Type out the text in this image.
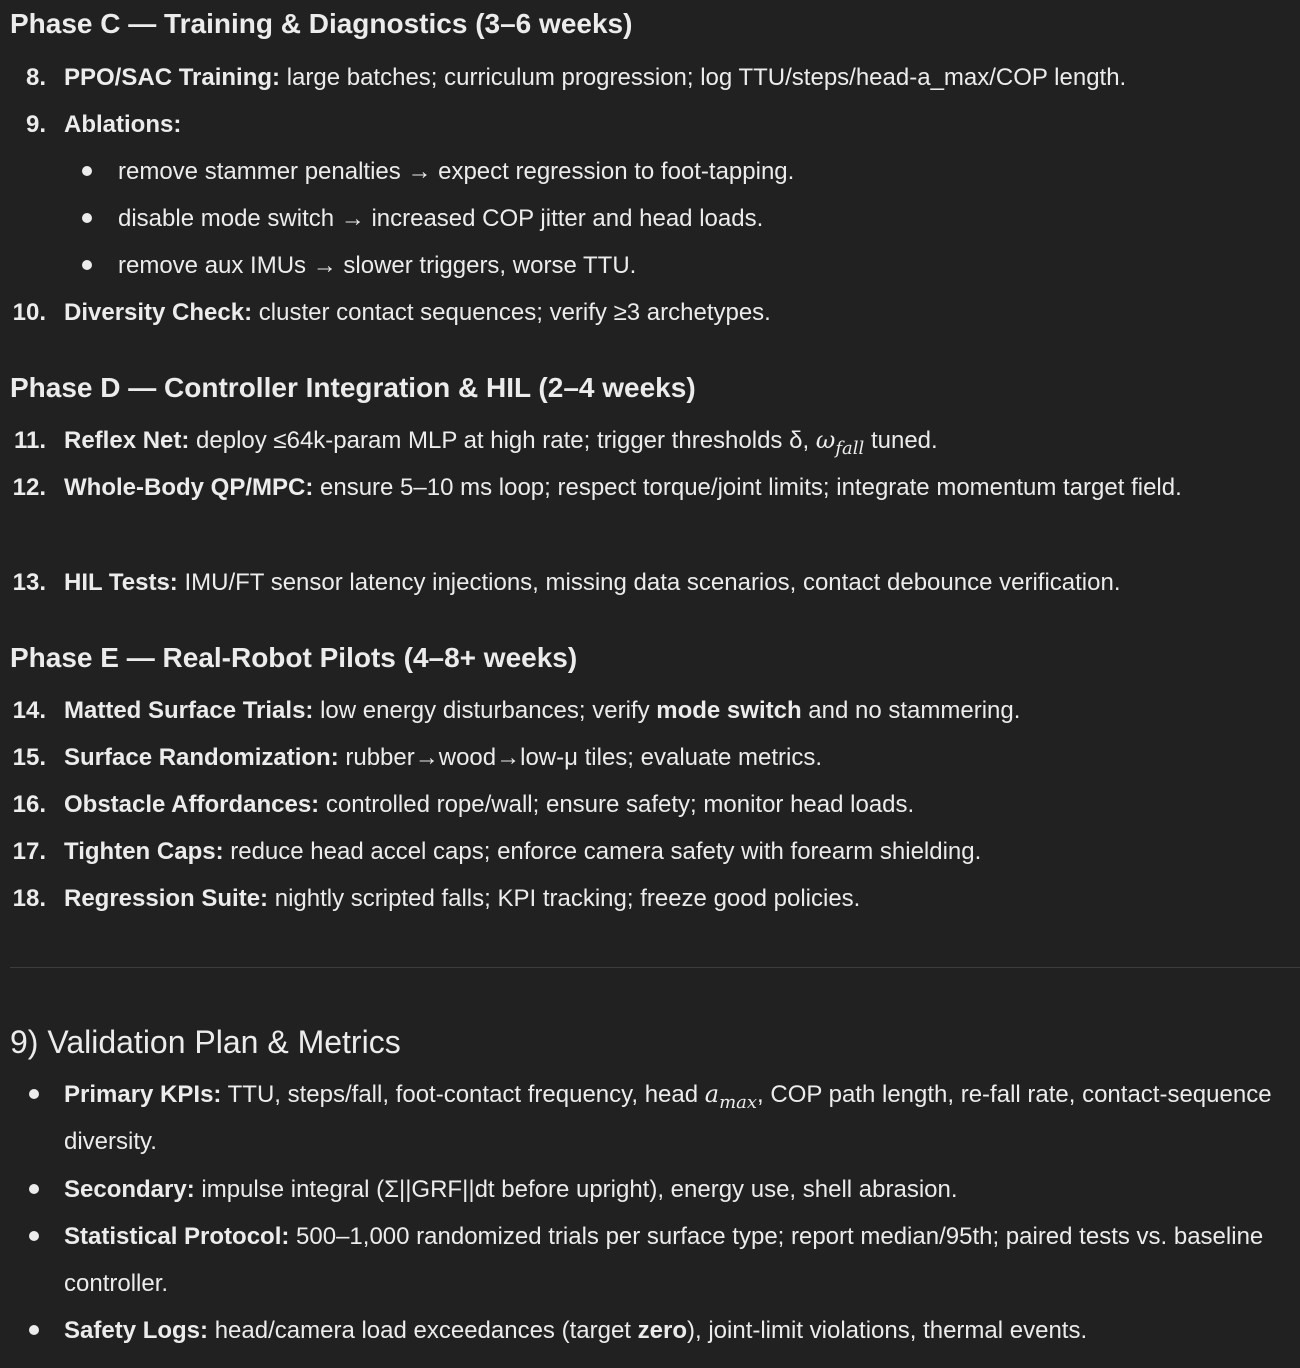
Phase C — Training & Diagnostics (3–6 weeks)
8. PPO/SAC Training: large batches; curriculum progression; log TTU/steps/head-a_max/COP length.
9. Ablations:
remove stammer penalties → expect regression to foot-tapping.
disable mode switch → increased COP jitter and head loads.
remove aux IMUs → slower triggers, worse TTU.
10. Diversity Check: cluster contact sequences; verify ≥3 archetypes.
Phase D — Controller Integration & HIL (2–4 weeks)
11. Reflex Net: deploy ≤64k-param MLP at high rate; trigger thresholds δ, $\omega_{fall}$ tuned.
12. Whole-Body QP/MPC: ensure 5–10 ms loop; respect torque/joint limits; integrate momentum target field.
13. HIL Tests: IMU/FT sensor latency injections, missing data scenarios, contact debounce verification.
Phase E — Real-Robot Pilots (4–8+ weeks)
14. Matted Surface Trials: low energy disturbances; verify mode switch and no stammering.
15. Surface Randomization: rubber→wood→low-μ tiles; evaluate metrics.
16. Obstacle Affordances: controlled rope/wall; ensure safety; monitor head loads.
17. Tighten Caps: reduce head accel caps; enforce camera safety with forearm shielding.
18. Regression Suite: nightly scripted falls; KPI tracking; freeze good policies.
9) Validation Plan & Metrics
Primary KPIs: TTU, steps/fall, foot-contact frequency, head $a_{max}$, COP path length, re-fall rate, contact-sequence diversity.
Secondary: impulse integral (Σ||GRF||dt before upright), energy use, shell abrasion.
Statistical Protocol: 500–1,000 randomized trials per surface type; report median/95th; paired tests vs. baseline controller.
Safety Logs: head/camera load exceedances (target zero), joint-limit violations, thermal events.
